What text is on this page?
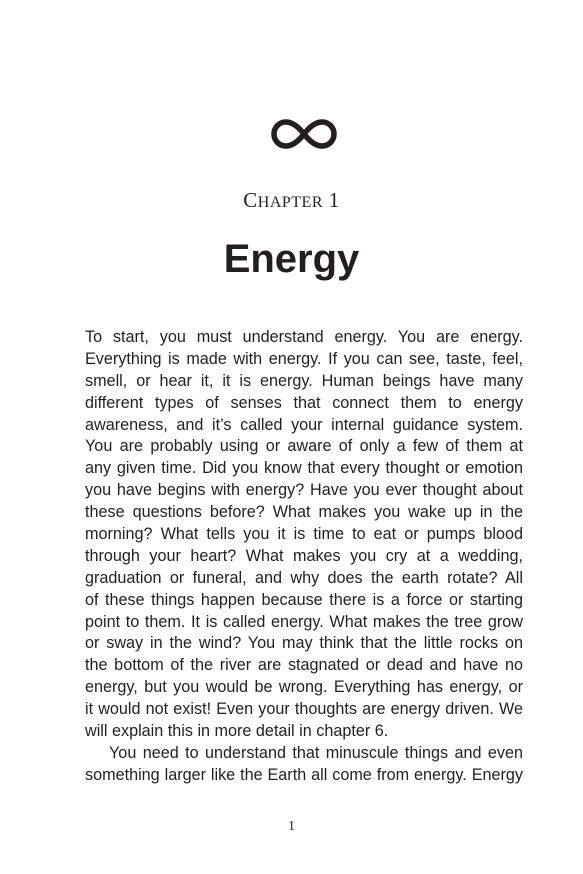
CHAPTER 1
Energy
To start, you must understand energy. You are energy.
Everything is made with energy. If you can see, taste, feel,
smell, or hear it, it is energy. Human beings have many
different types of senses that connect them to energy
awareness, and it’s called your internal guidance system.
You are probably using or aware of only a few of them at
any given time. Did you know that every thought or emotion
you have begins with energy? Have you ever thought about
these questions before? What makes you wake up in the
morning? What tells you it is time to eat or pumps blood
through your heart? What makes you cry at a wedding,
graduation or funeral, and why does the earth rotate? All
of these things happen because there is a force or starting
point to them. It is called energy. What makes the tree grow
or sway in the wind? You may think that the little rocks on
the bottom of the river are stagnated or dead and have no
energy, but you would be wrong. Everything has energy, or
it would not exist! Even your thoughts are energy driven. We
will explain this in more detail in chapter 6.
You need to understand that minuscule things and even
something larger like the Earth all come from energy. Energy
1
